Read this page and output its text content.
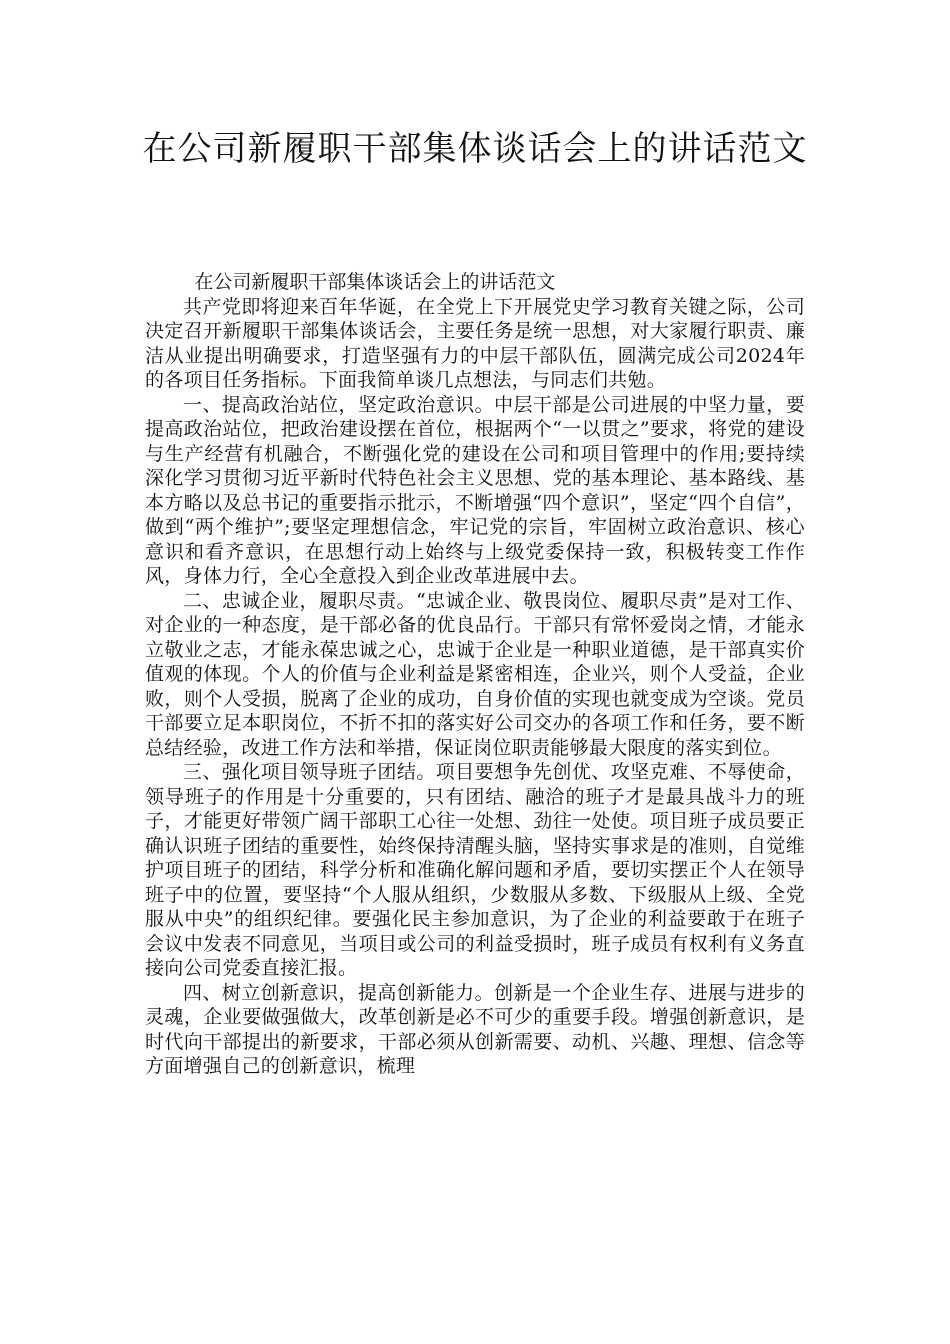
在公司新履职干部集体谈话会上的讲话范文

在公司新履职干部集体谈话会上的讲话范文

共产党即将迎来百年华诞，在全党上下开展党史学习教育关键之际，公司决定召开新履职干部集体谈话会，主要任务是统一思想，对大家履行职责、廉洁从业提出明确要求，打造坚强有力的中层干部队伍，圆满完成公司2024年的各项目任务指标。下面我简单谈几点想法，与同志们共勉。

一、提高政治站位，坚定政治意识。中层干部是公司进展的中坚力量，要提高政治站位，把政治建设摆在首位，根据两个“一以贯之”要求，将党的建设与生产经营有机融合，不断强化党的建设在公司和项目管理中的作用;要持续深化学习贯彻习近平新时代特色社会主义思想、党的基本理论、基本路线、基本方略以及总书记的重要指示批示，不断增强“四个意识”，坚定“四个自信”，做到“两个维护”;要坚定理想信念，牢记党的宗旨，牢固树立政治意识、核心意识和看齐意识，在思想行动上始终与上级党委保持一致，积极转变工作作风，身体力行，全心全意投入到企业改革进展中去。

二、忠诚企业，履职尽责。“忠诚企业、敬畏岗位、履职尽责”是对工作、对企业的一种态度，是干部必备的优良品行。干部只有常怀爱岗之情，才能永立敬业之志，才能永葆忠诚之心，忠诚于企业是一种职业道德，是干部真实价值观的体现。个人的价值与企业利益是紧密相连，企业兴，则个人受益，企业败，则个人受损，脱离了企业的成功，自身价值的实现也就变成为空谈。党员干部要立足本职岗位，不折不扣的落实好公司交办的各项工作和任务，要不断总结经验，改进工作方法和举措，保证岗位职责能够最大限度的落实到位。

三、强化项目领导班子团结。项目要想争先创优、攻坚克难、不辱使命，领导班子的作用是十分重要的，只有团结、融洽的班子才是最具战斗力的班子，才能更好带领广阔干部职工心往一处想、劲往一处使。项目班子成员要正确认识班子团结的重要性，始终保持清醒头脑，坚持实事求是的准则，自觉维护项目班子的团结，科学分析和准确化解问题和矛盾，要切实摆正个人在领导班子中的位置，要坚持“个人服从组织，少数服从多数、下级服从上级、全党服从中央”的组织纪律。要强化民主参加意识，为了企业的利益要敢于在班子会议中发表不同意见，当项目或公司的利益受损时，班子成员有权利有义务直接向公司党委直接汇报。

四、树立创新意识，提高创新能力。创新是一个企业生存、进展与进步的灵魂，企业要做强做大，改革创新是必不可少的重要手段。增强创新意识，是时代向干部提出的新要求，干部必须从创新需要、动机、兴趣、理想、信念等方面增强自己的创新意识，梳理
